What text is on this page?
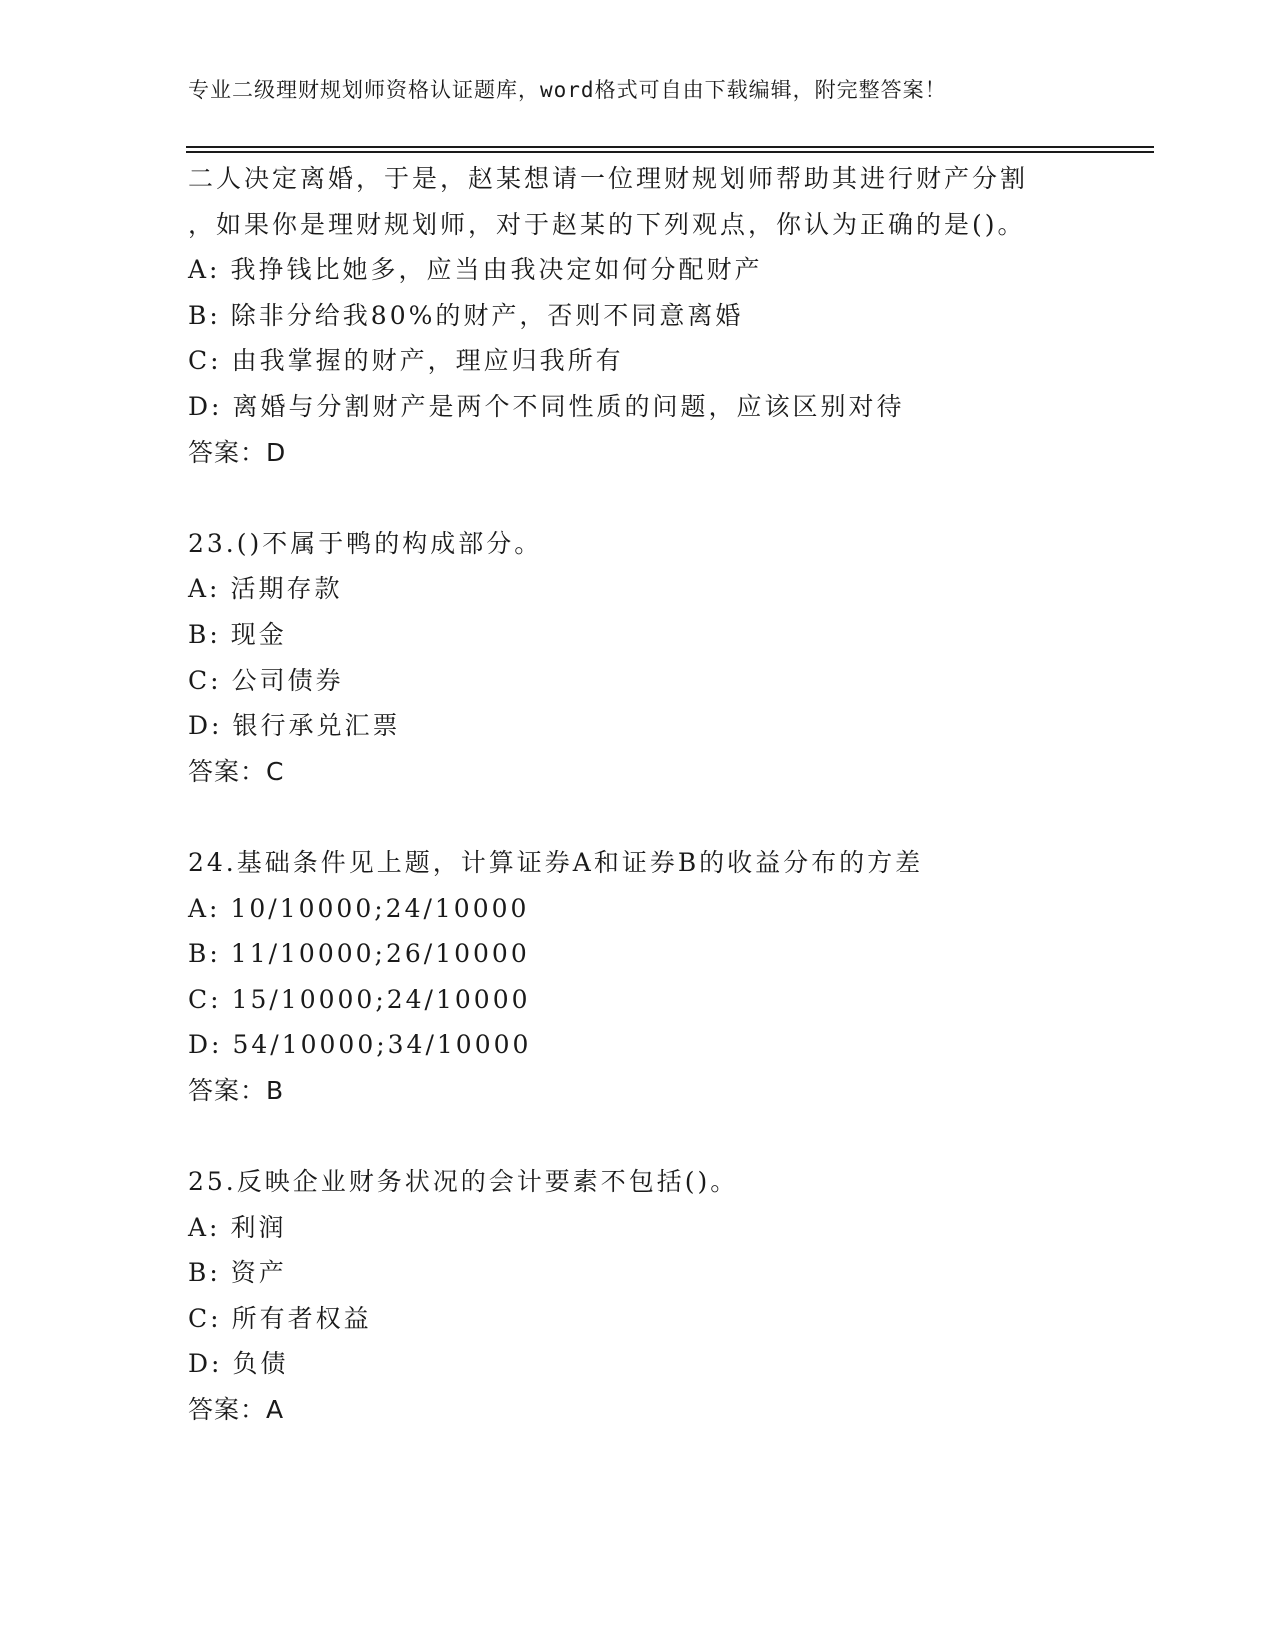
专业二级理财规划师资格认证题库，word格式可自由下载编辑，附完整答案！
二人决定离婚，于是，赵某想请一位理财规划师帮助其进行财产分割
，如果你是理财规划师，对于赵某的下列观点，你认为正确的是()。
A: 我挣钱比她多，应当由我决定如何分配财产
B: 除非分给我80%的财产，否则不同意离婚
C: 由我掌握的财产，理应归我所有
D: 离婚与分割财产是两个不同性质的问题，应该区别对待
答案：D
23.()不属于鸭的构成部分。
A: 活期存款
B: 现金
C: 公司债券
D: 银行承兑汇票
答案：C
24.基础条件见上题，计算证券A和证券B的收益分布的方差
A: 10/10000;24/10000
B: 11/10000;26/10000
C: 15/10000;24/10000
D: 54/10000;34/10000
答案：B
25.反映企业财务状况的会计要素不包括()。
A: 利润
B: 资产
C: 所有者权益
D: 负债
答案：A
